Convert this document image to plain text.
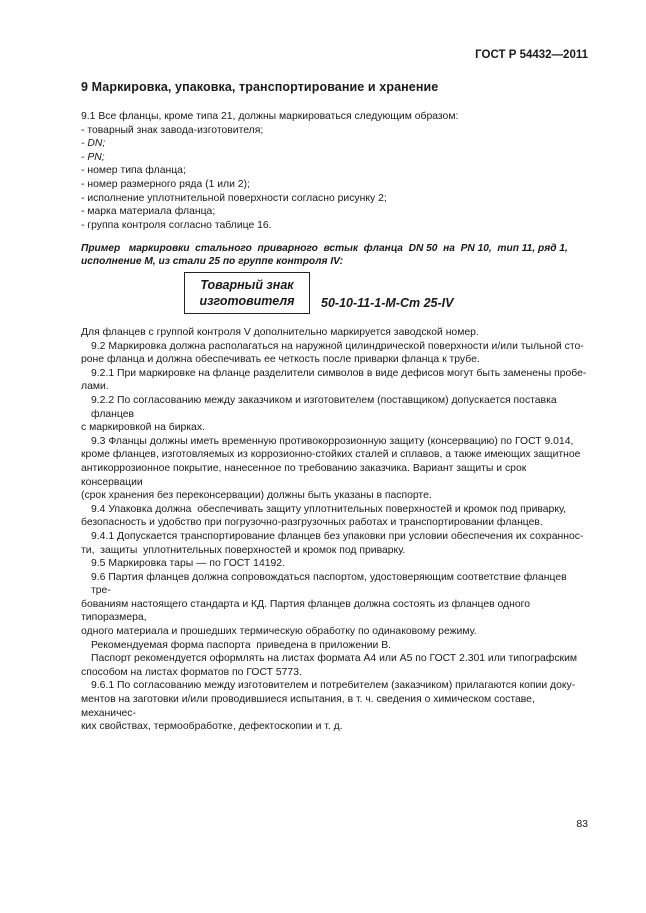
ГОСТ Р 54432—2011
9 Маркировка, упаковка, транспортирование и хранение

9.1 Все фланцы, кроме типа 21, должны маркироваться следующим образом:

- товарный знак завода-изготовителя;

- DN;

- PN;

- номер типа фланца;

- номер размерного ряда (1 или 2);

- исполнение уплотнительной поверхности согласно рисунку 2;

- марка материала фланца;

- группа контроля согласно таблице 16.

Пример   маркировки  стального  приварного  встык  фланца  DN 50  на  PN 10,  тип 11, ряд 1,
исполнение М, из стали 25 по группе контроля IV:
Товарный знак
изготовителя 50-10-11-1-М-Ст 25-IV

Для фланцев с группой контроля V дополнительно маркируется заводской номер.

9.2 Маркировка должна располагаться на наружной цилиндрической поверхности и/или тыльной сто-

роне фланца и должна обеспечивать ее четкость после приварки фланца к трубе.

9.2.1 При маркировке на фланце разделители символов в виде дефисов могут быть заменены пробе-

лами.

9.2.2 По согласованию между заказчиком и изготовителем (поставщиком) допускается поставка фланцев

с маркировкой на бирках.

9.3 Фланцы должны иметь временную противокоррозионную защиту (консервацию) по ГОСТ 9.014,

кроме фланцев, изготовляемых из коррозионно-стойких сталей и сплавов, а также имеющих защитное

антикоррозионное покрытие, нанесенное по требованию заказчика. Вариант защиты и срок консервации

(срок хранения без переконсервации) должны быть указаны в паспорте.

9.4 Упаковка должна  обеспечивать защиту уплотнительных поверхностей и кромок под приварку,

безопасность и удобство при погрузочно-разгрузочных работах и транспортировании фланцев.

9.4.1 Допускается транспортирование фланцев без упаковки при условии обеспечения их сохраннос-

ти,  защиты  уплотнительных поверхностей и кромок под приварку.

9.5 Маркировка тары — по ГОСТ 14192.

9.6 Партия фланцев должна сопровождаться паспортом, удостоверяющим соответствие фланцев тре-

бованиям настоящего стандарта и КД. Партия фланцев должна состоять из фланцев одного типоразмера,

одного материала и прошедших термическую обработку по одинаковому режиму.

Рекомендуемая форма паспорта  приведена в приложении В.

Паспорт рекомендуется оформлять на листах формата А4 или А5 по ГОСТ 2.301 или типографским

способом на листах форматов по ГОСТ 5773.

9.6.1 По согласованию между изготовителем и потребителем (заказчиком) прилагаются копии доку-

ментов на заготовки и/или проводившиеся испытания, в т. ч. сведения о химическом составе, механичес-

ких свойствах, термообработке, дефектоскопии и т. д.

83
